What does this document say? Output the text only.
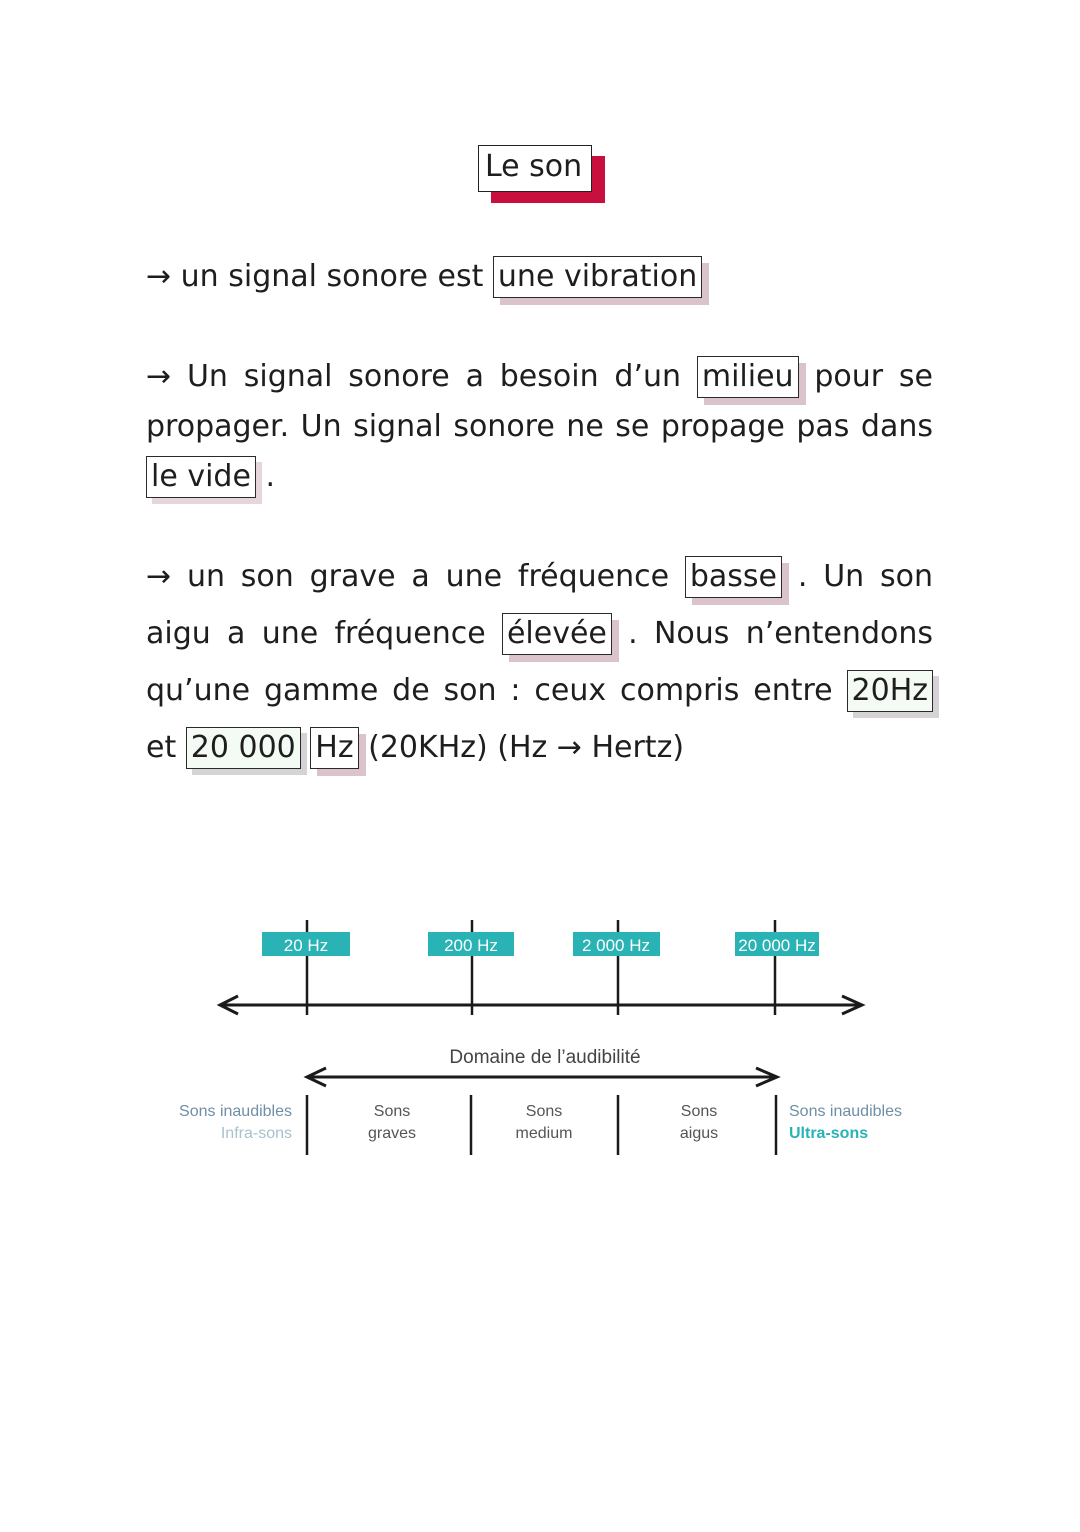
Le son
→ un signal sonore est une vibration
→ Un signal sonore a besoin d’un milieu pour se propager. Un signal sonore ne se propage pas dans le vide .
→ un son grave a une fréquence basse . Un son aigu a une fréquence élevée . Nous n’entendons qu’une gamme de son : ceux compris entre 20Hz et 20 000 Hz (20KHz) (Hz → Hertz)
20 Hz	200 Hz	2 000 Hz	20 000 Hz
Domaine de l’audibilité
Sons inaudibles
Infra-sons
Sons
graves
Sons
medium
Sons
aigus
Sons inaudibles
Ultra-sons
